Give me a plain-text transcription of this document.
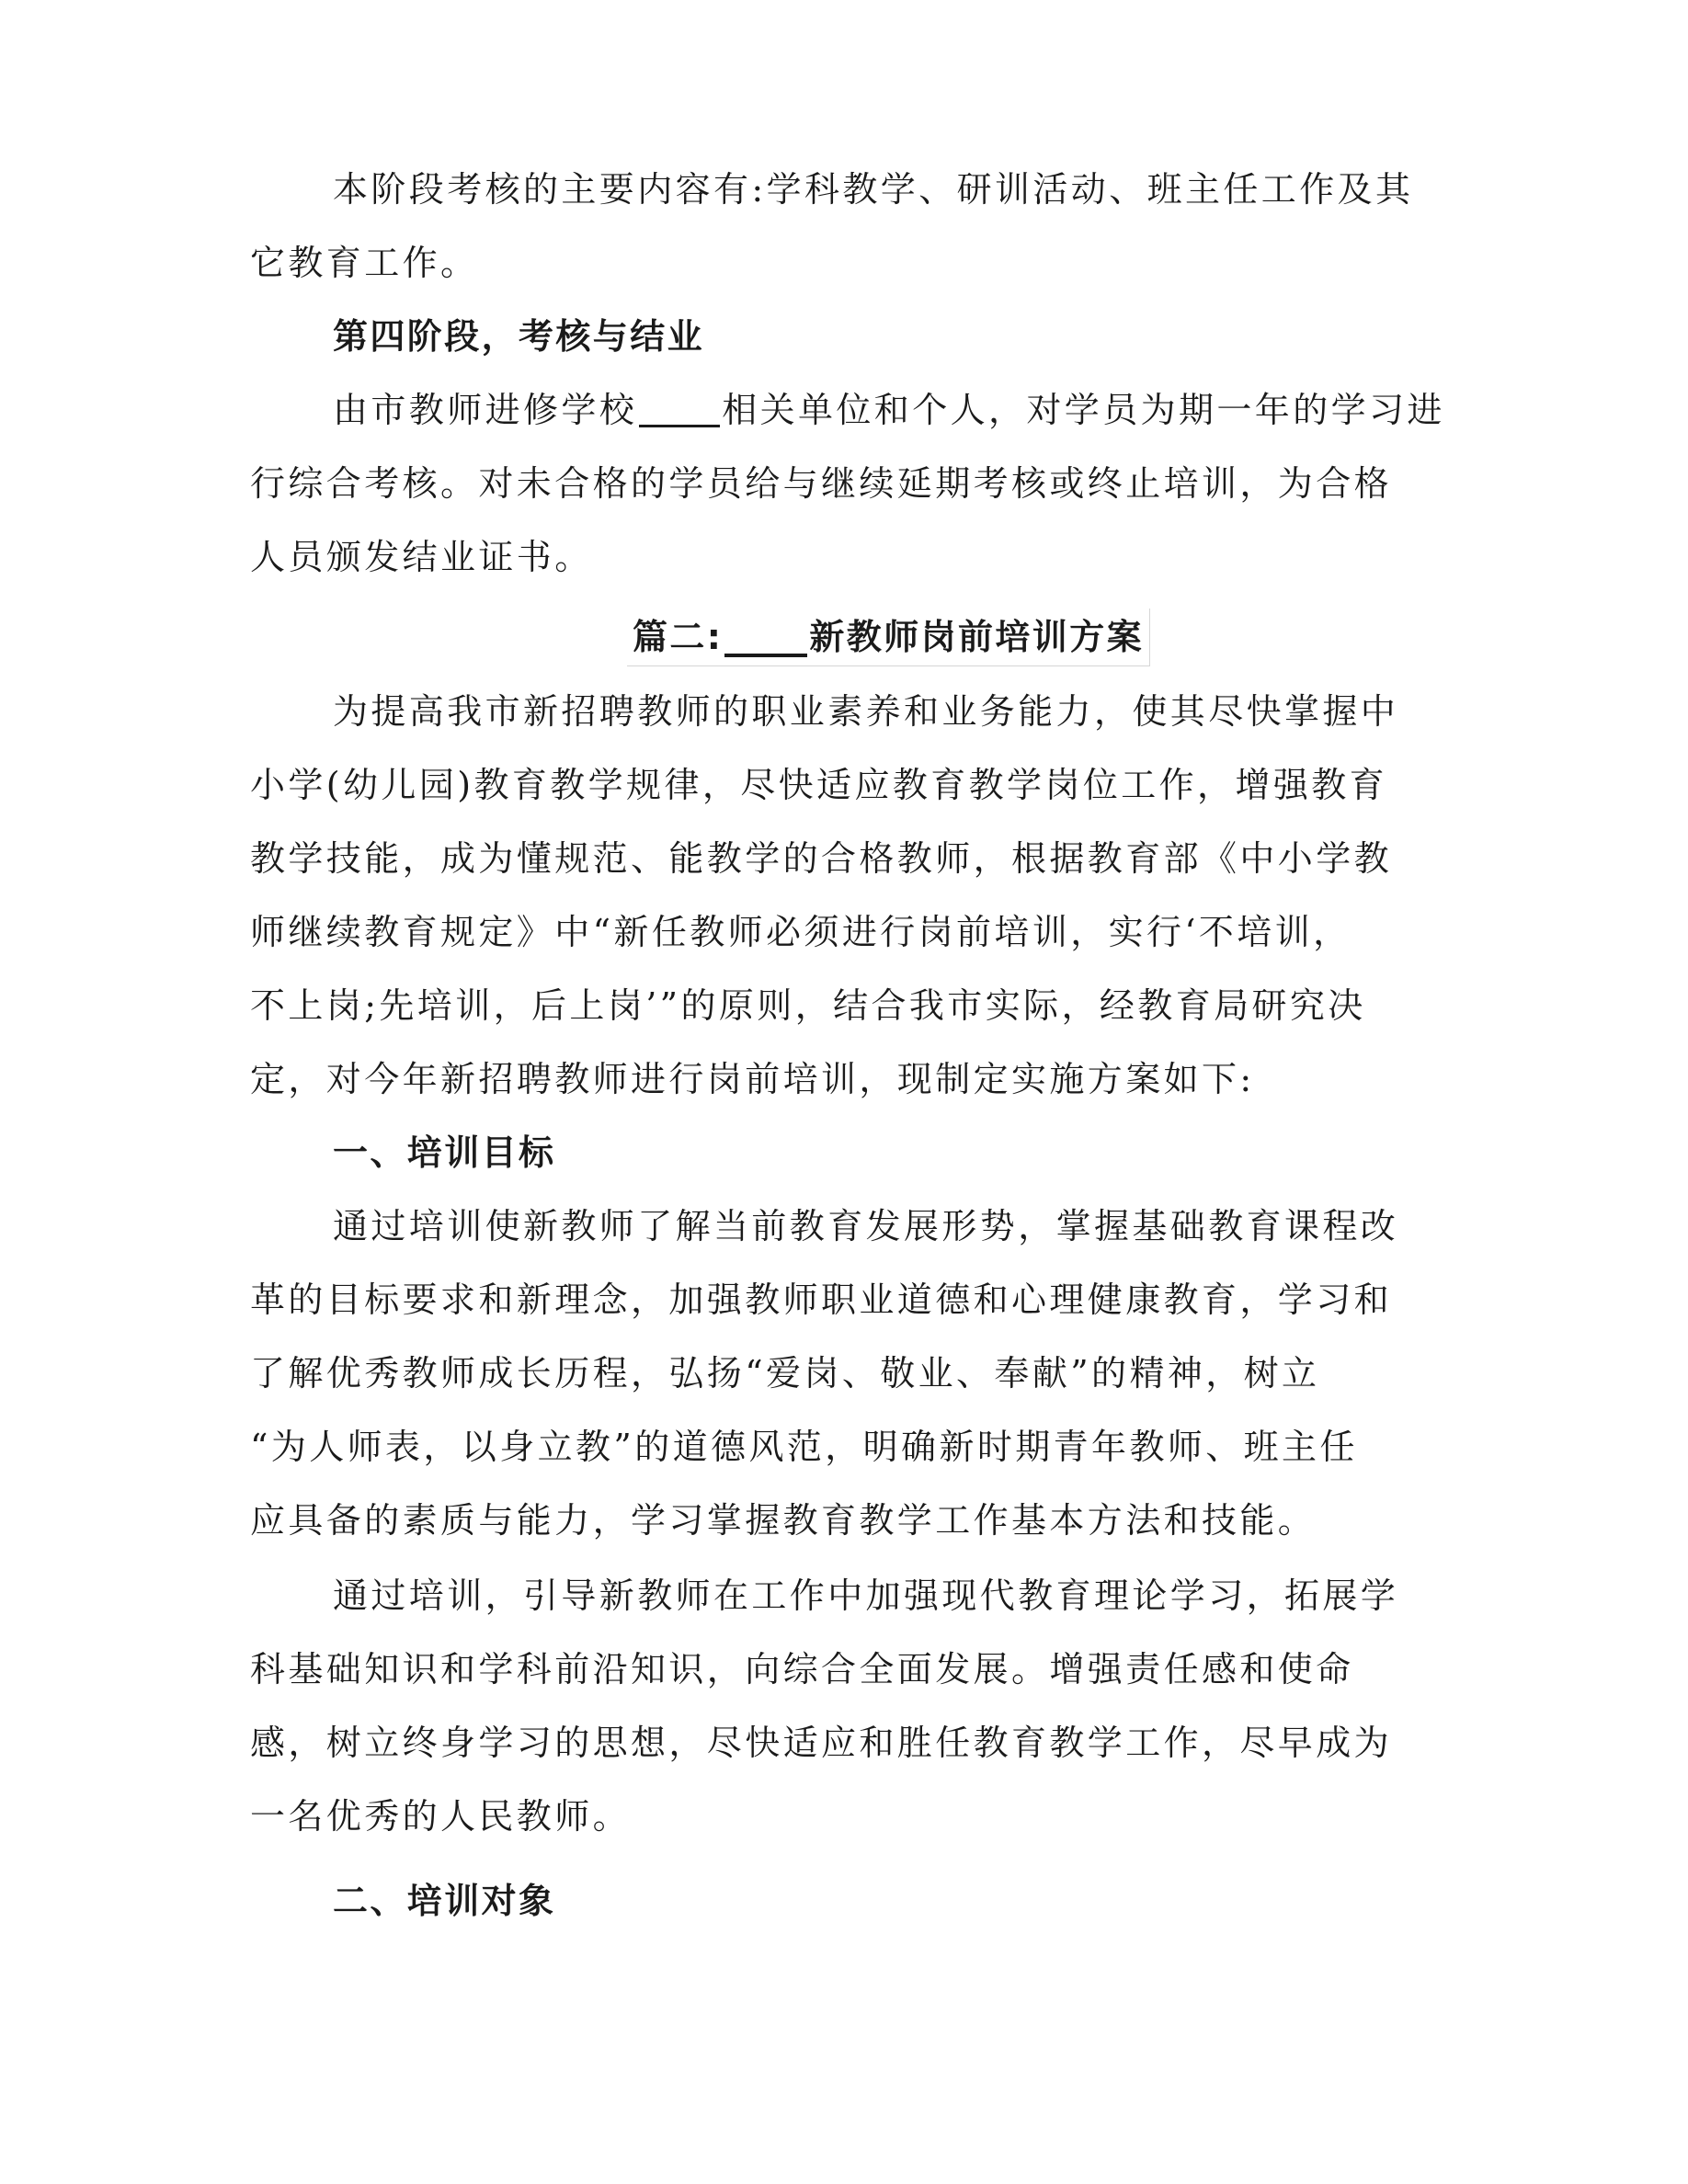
本阶段考核的主要内容有:学科教学、研训活动、班主任工作及其
它教育工作。
第四阶段，考核与结业
由市教师进修学校 相关单位和个人，对学员为期一年的学习进
行综合考核。对未合格的学员给与继续延期考核或终止培训，为合格
人员颁发结业证书。
篇二: 新教师岗前培训方案
为提高我市新招聘教师的职业素养和业务能力，使其尽快掌握中
小学(幼儿园)教育教学规律，尽快适应教育教学岗位工作，增强教育
教学技能，成为懂规范、能教学的合格教师，根据教育部《中小学教
师继续教育规定》中“新任教师必须进行岗前培训，实行‘不培训，
不上岗;先培训，后上岗’”的原则，结合我市实际，经教育局研究决
定，对今年新招聘教师进行岗前培训，现制定实施方案如下:
一、培训目标
通过培训使新教师了解当前教育发展形势，掌握基础教育课程改
革的目标要求和新理念，加强教师职业道德和心理健康教育，学习和
了解优秀教师成长历程，弘扬“爱岗、敬业、奉献”的精神，树立
“为人师表，以身立教”的道德风范，明确新时期青年教师、班主任
应具备的素质与能力，学习掌握教育教学工作基本方法和技能。
通过培训，引导新教师在工作中加强现代教育理论学习，拓展学
科基础知识和学科前沿知识，向综合全面发展。增强责任感和使命
感，树立终身学习的思想，尽快适应和胜任教育教学工作，尽早成为
一名优秀的人民教师。
二、培训对象
